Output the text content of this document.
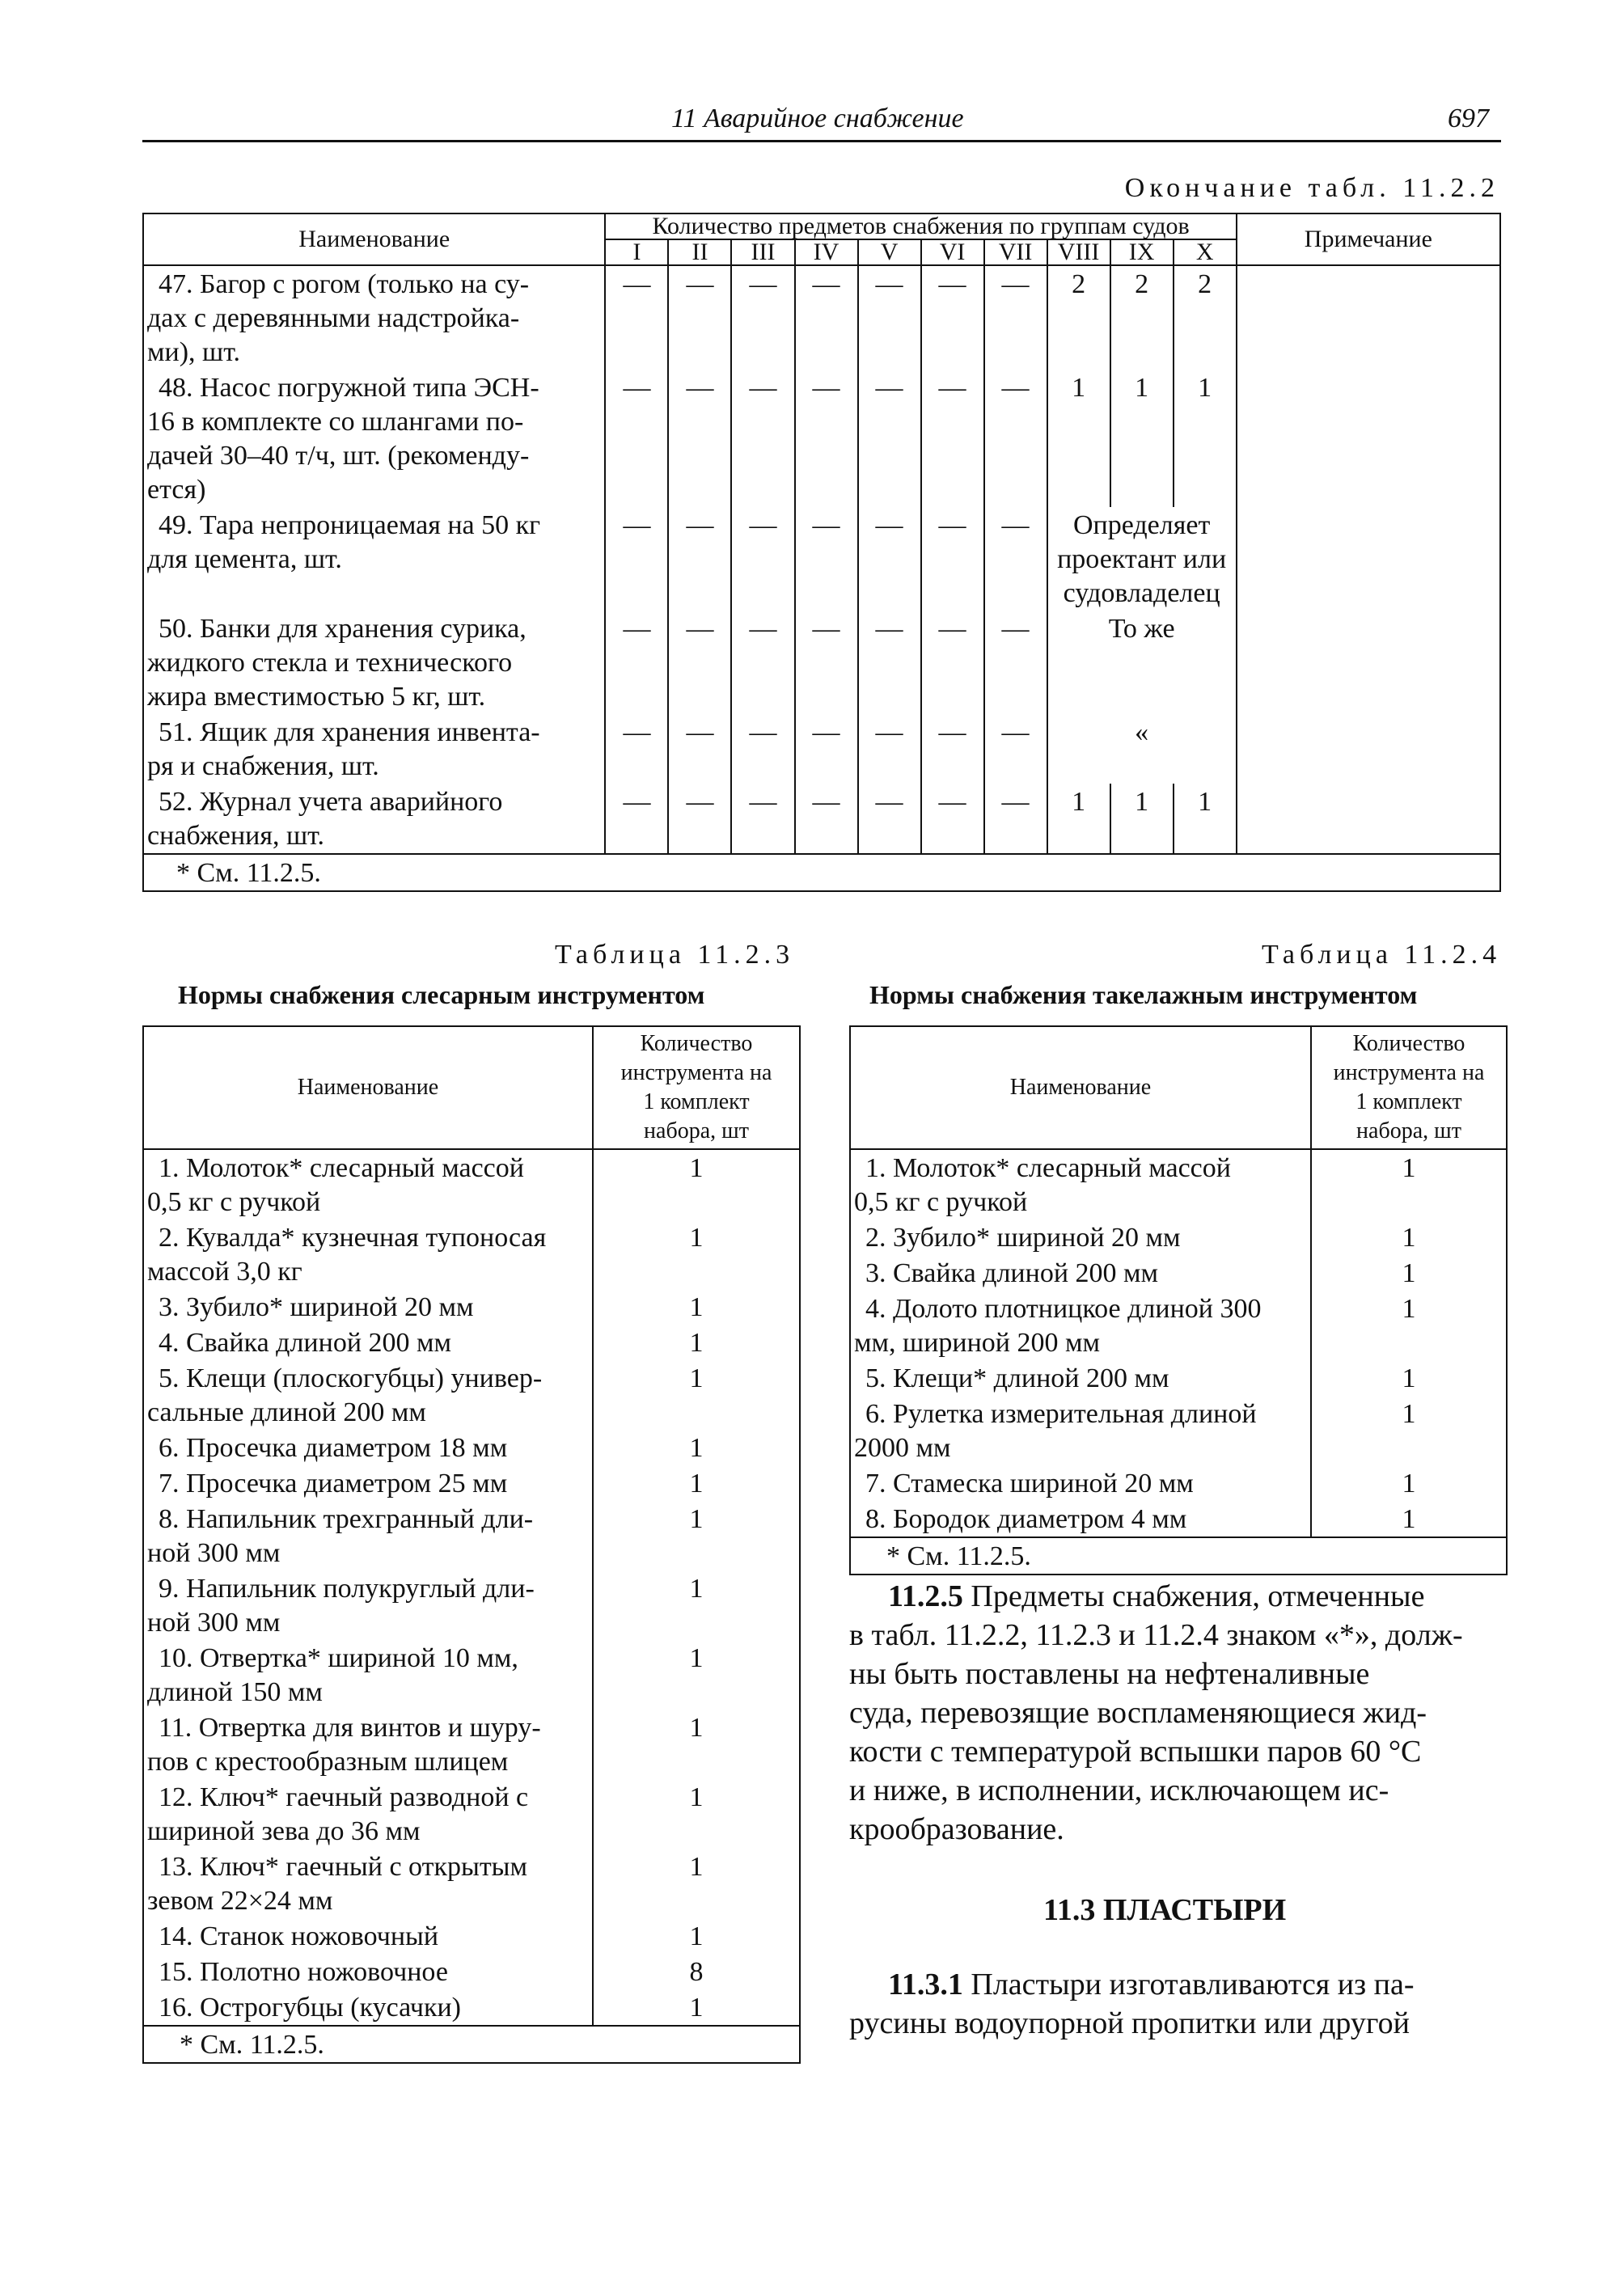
11 Аварийное снабжение	697
Окончание табл. 11.2.2
Наименование	Количество предметов снабжения по группам судов										Примечание
	I	II	III	IV	V	VI	VII	VIII	IX	X	
47. Багор с рогом (только на су-
дах с деревянными надстройка-
ми), шт.	—	—	—	—	—	—	—	2	2	2	
48. Насос погружной типа ЭСН-
16 в комплекте со шлангами по-
дачей 30–40 т/ч, шт. (рекоменду-
ется)	—	—	—	—	—	—	—	1	1	1	
49. Тара непроницаемая на 50 кг
для цемента, шт.	—	—	—	—	—	—	—	Определяет
проектант или
судовладелец			
50. Банки для хранения сурика,
жидкого стекла и технического
жира вместимостью 5 кг, шт.	—	—	—	—	—	—	—	То же			
51. Ящик для хранения инвента-
ря и снабжения, шт.	—	—	—	—	—	—	—	«			
52. Журнал учета аварийного
снабжения, шт.	—	—	—	—	—	—	—	1	1	1	
* См. 11.2.5.											
Таблица 11.2.3
Нормы снабжения слесарным инструментом
Таблица 11.2.4
Нормы снабжения такелажным инструментом
Наименование	Количество
инструмента на
1 комплект
набора, шт
1. Молоток* слесарный массой
0,5 кг с ручкой	1
2. Кувалда* кузнечная тупоносая
массой 3,0 кг	1
3. Зубило* шириной 20 мм	1
4. Свайка длиной 200 мм	1
5. Клещи (плоскогубцы) универ-
сальные длиной 200 мм	1
6. Просечка диаметром 18 мм	1
7. Просечка диаметром 25 мм	1
8. Напильник трехгранный дли-
ной 300 мм	1
9. Напильник полукруглый дли-
ной 300 мм	1
10. Отвертка* шириной 10 мм,
длиной 150 мм	1
11. Отвертка для винтов и шуру-
пов с крестообразным шлицем	1
12. Ключ* гаечный разводной с
шириной зева до 36 мм	1
13. Ключ* гаечный с открытым
зевом 22×24 мм	1
14. Станок ножовочный	1
15. Полотно ножовочное	8
16. Острогубцы (кусачки)	1
* См. 11.2.5.	
Наименование	Количество
инструмента на
1 комплект
набора, шт
1. Молоток* слесарный массой
0,5 кг с ручкой	1
2. Зубило* шириной 20 мм	1
3. Свайка длиной 200 мм	1
4. Долото плотницкое длиной 300
мм, шириной 200 мм	1
5. Клещи* длиной 200 мм	1
6. Рулетка измерительная длиной
2000 мм	1
7. Стамеска шириной 20 мм	1
8. Бородок диаметром 4 мм	1
* См. 11.2.5.	
11.2.5 Предметы снабжения, отмеченные
в табл. 11.2.2, 11.2.3 и 11.2.4 знаком «*», долж-
ны быть поставлены на нефтеналивные
суда, перевозящие воспламеняющиеся жид-
кости с температурой вспышки паров 60 °С
и ниже, в исполнении, исключающем ис-
крообразование.
11.3 ПЛАСТЫРИ
11.3.1 Пластыри изготавливаются из па-
русины водоупорной пропитки или другой
